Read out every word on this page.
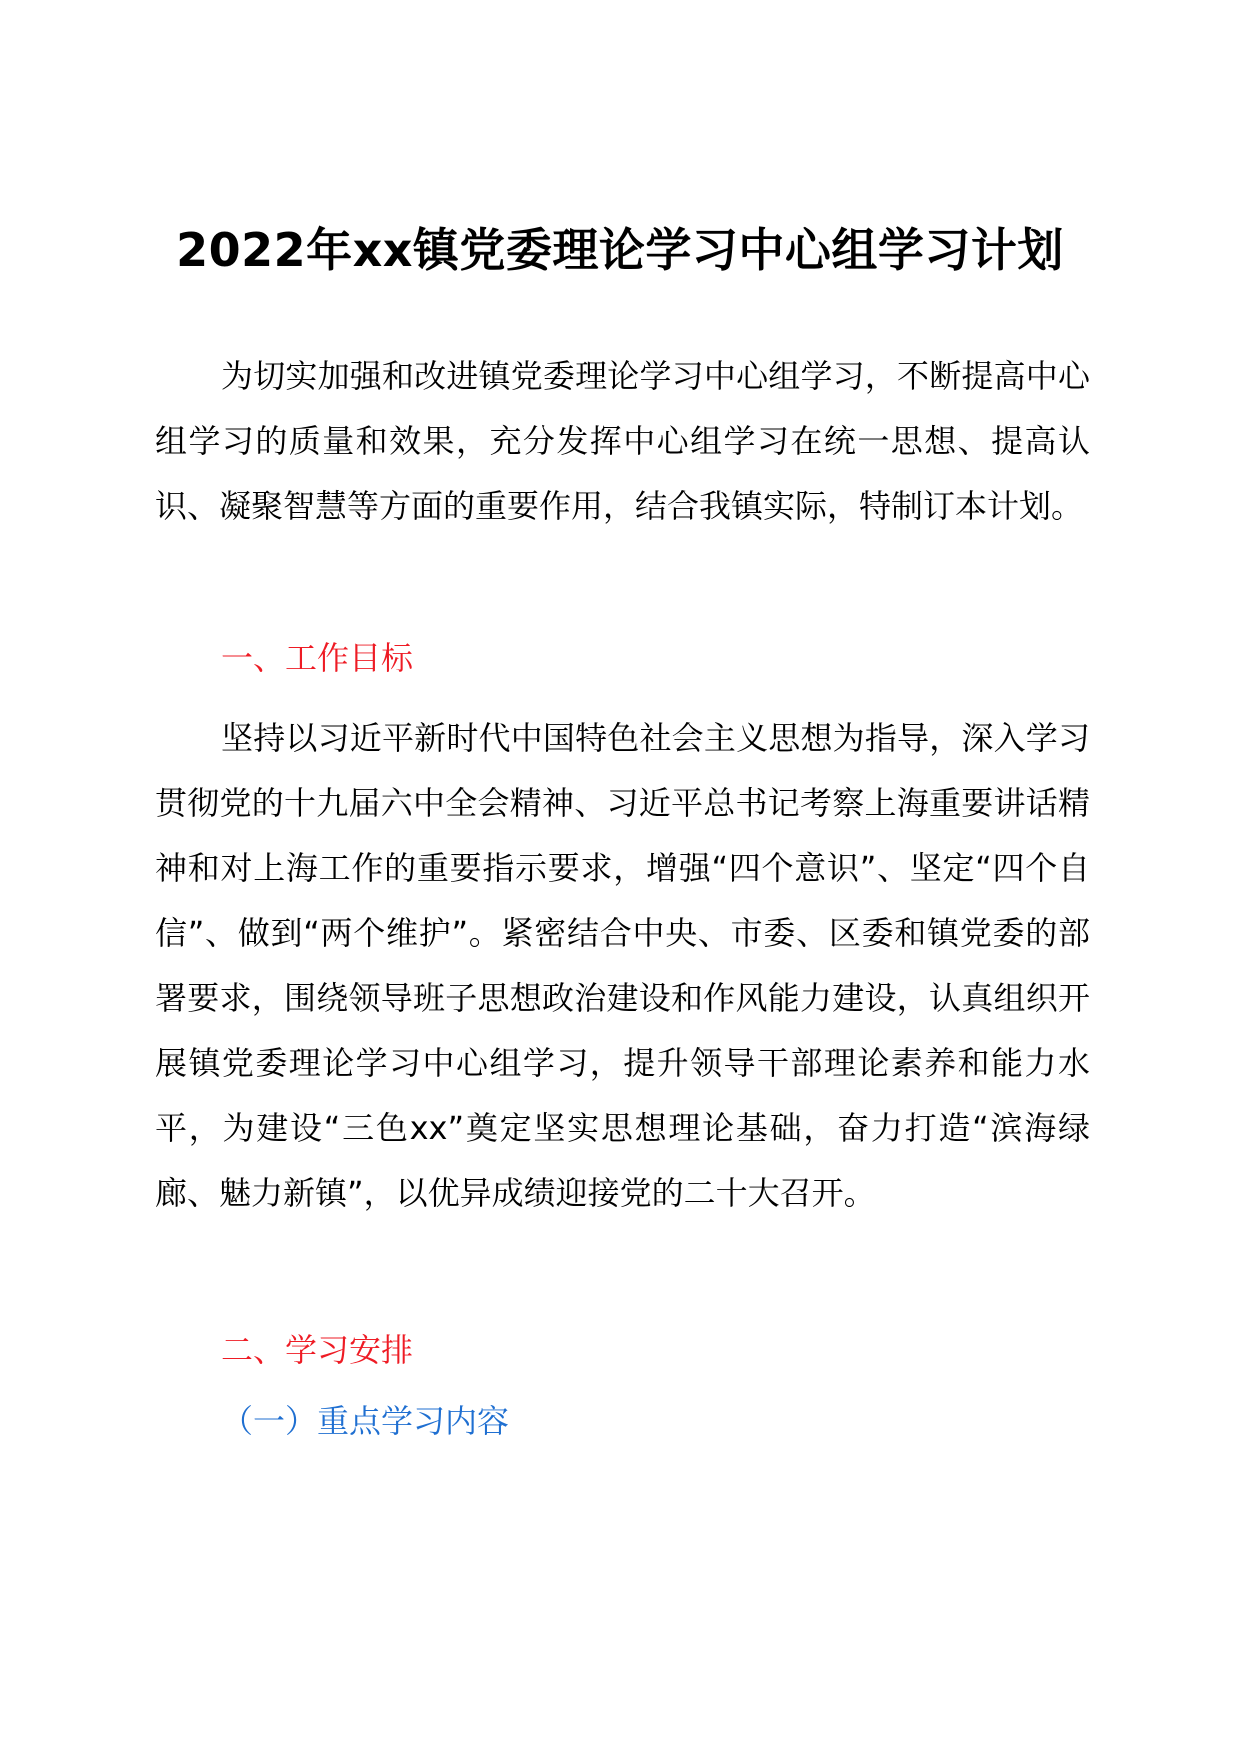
2022年xx镇党委理论学习中心组学习计划

为切实加强和改进镇党委理论学习中心组学习，不断提高中心组学习的质量和效果，充分发挥中心组学习在统一思想、提高认识、凝聚智慧等方面的重要作用，结合我镇实际，特制订本计划。

一、工作目标

坚持以习近平新时代中国特色社会主义思想为指导，深入学习贯彻党的十九届六中全会精神、习近平总书记考察上海重要讲话精神和对上海工作的重要指示要求，增强“四个意识”、坚定“四个自信”、做到“两个维护”。紧密结合中央、市委、区委和镇党委的部署要求，围绕领导班子思想政治建设和作风能力建设，认真组织开展镇党委理论学习中心组学习，提升领导干部理论素养和能力水平，为建设“三色xx”奠定坚实思想理论基础，奋力打造“滨海绿廊、魅力新镇”，以优异成绩迎接党的二十大召开。

二、学习安排
（一）重点学习内容
